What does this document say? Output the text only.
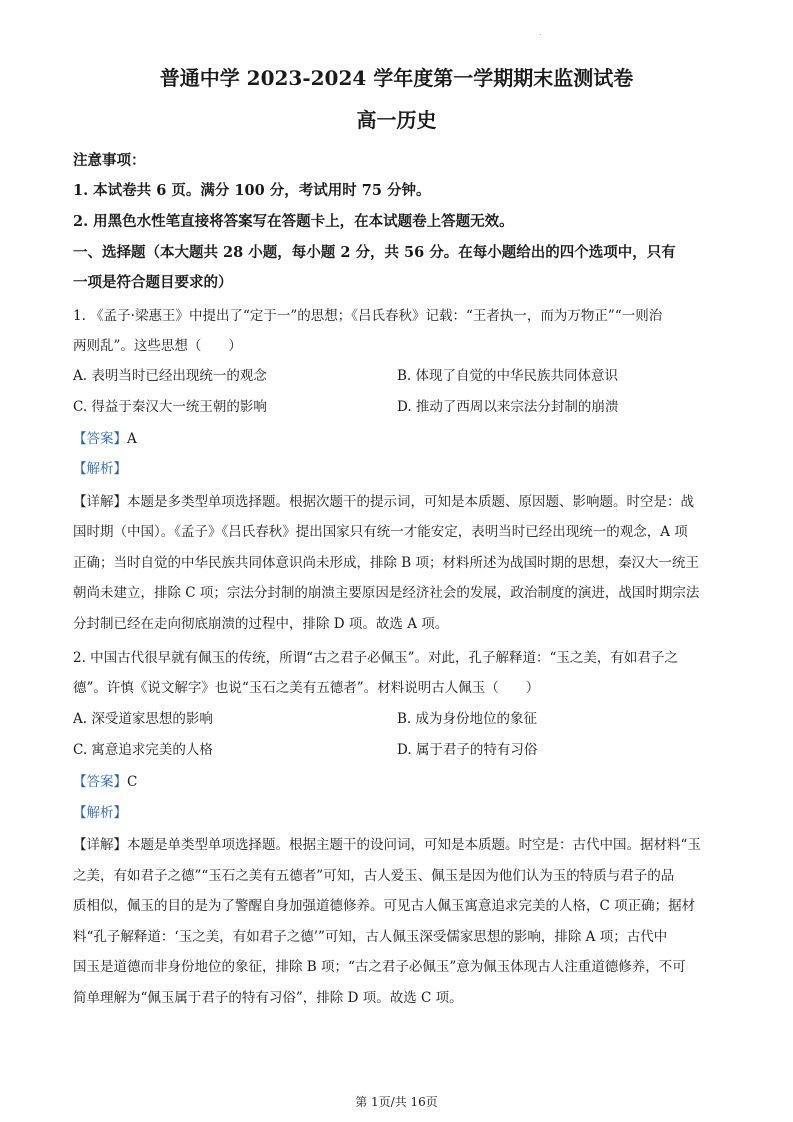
.
普通中学 2023-2024 学年度第一学期期末监测试卷
高一历史
注意事项：
1. 本试卷共 6 页。满分 100 分，考试用时 75 分钟。
2. 用黑色水性笔直接将答案写在答题卡上，在本试题卷上答题无效。
一、选择题（本大题共 28 小题，每小题 2 分，共 56 分。在每小题给出的四个选项中，只有
一项是符合题目要求的）
1. 《孟子·梁惠王》中提出了“定于一”的思想；《吕氏春秋》记载：“王者执一，而为万物正”“一则治
两则乱”。这些思想（　　）
A. 表明当时已经出现统一的观念	B. 体现了自觉的中华民族共同体意识
C. 得益于秦汉大一统王朝的影响	D. 推动了西周以来宗法分封制的崩溃
【答案】A
【解析】
【详解】本题是多类型单项选择题。根据次题干的提示词，可知是本质题、原因题、影响题。时空是：战
国时期（中国）。《孟子》《吕氏春秋》提出国家只有统一才能安定，表明当时已经出现统一的观念，A 项
正确；当时自觉的中华民族共同体意识尚未形成，排除 B 项；材料所述为战国时期的思想，秦汉大一统王
朝尚未建立，排除 C 项；宗法分封制的崩溃主要原因是经济社会的发展，政治制度的演进，战国时期宗法
分封制已经在走向彻底崩溃的过程中，排除 D 项。故选 A 项。
2. 中国古代很早就有佩玉的传统，所谓“古之君子必佩玉”。对此，孔子解释道：“玉之美，有如君子之
德”。许慎《说文解字》也说“玉石之美有五德者”。材料说明古人佩玉（　　）
A. 深受道家思想的影响	B. 成为身份地位的象征
C. 寓意追求完美的人格	D. 属于君子的特有习俗
【答案】C
【解析】
【详解】本题是单类型单项选择题。根据主题干的设问词，可知是本质题。时空是：古代中国。据材料“玉
之美，有如君子之德”“玉石之美有五德者”可知，古人爱玉、佩玉是因为他们认为玉的特质与君子的品
质相似，佩玉的目的是为了警醒自身加强道德修养。可见古人佩玉寓意追求完美的人格，C 项正确；据材
料“孔子解释道：‘玉之美，有如君子之德’”可知，古人佩玉深受儒家思想的影响，排除 A 项；古代中
国玉是道德而非身份地位的象征，排除 B 项；“古之君子必佩玉”意为佩玉体现古人注重道德修养，不可
简单理解为“佩玉属于君子的特有习俗”，排除 D 项。故选 C 项。
第 1页/共 16页
